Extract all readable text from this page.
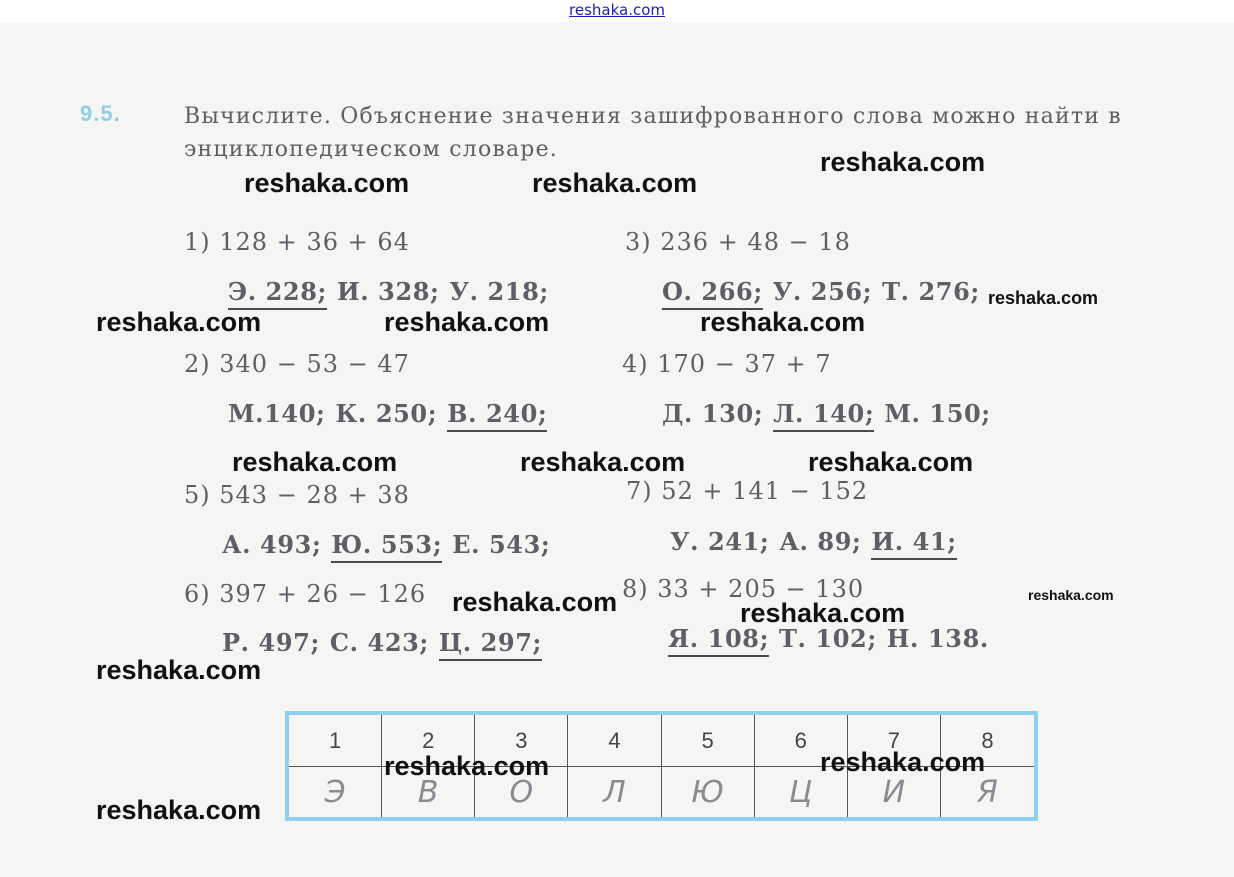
reshaka.com
9.5.	Вычислите. Объяснение значения зашифрованного слова можно найти в энциклопедическом словаре.
1) 128 + 36 + 64
Э. 228; И. 328; У. 218;
2) 340 − 53 − 47
М.140; К. 250; В. 240;
3) 236 + 48 − 18
О. 266; У. 256; Т. 276;
4) 170 − 37 + 7
Д. 130; Л. 140; М. 150;
5) 543 − 28 + 38
А. 493; Ю. 553; Е. 543;
6) 397 + 26 − 126
Р. 497; С. 423; Ц. 297;
7) 52 + 141 − 152
У. 241; А. 89; И. 41;
8) 33 + 205 − 130
Я. 108; Т. 102; Н. 138.
1	2	3	4	5	6	7	8
Э	В	О	Л	Ю	Ц	И	Я
reshaka.com
reshaka.com	reshaka.com
reshaka.com
reshaka.com	reshaka.com	reshaka.com
reshaka.com	reshaka.com	reshaka.com
reshaka.com	reshaka.com
reshaka.com
reshaka.com
reshaka.com
reshaka.com
reshaka.com
